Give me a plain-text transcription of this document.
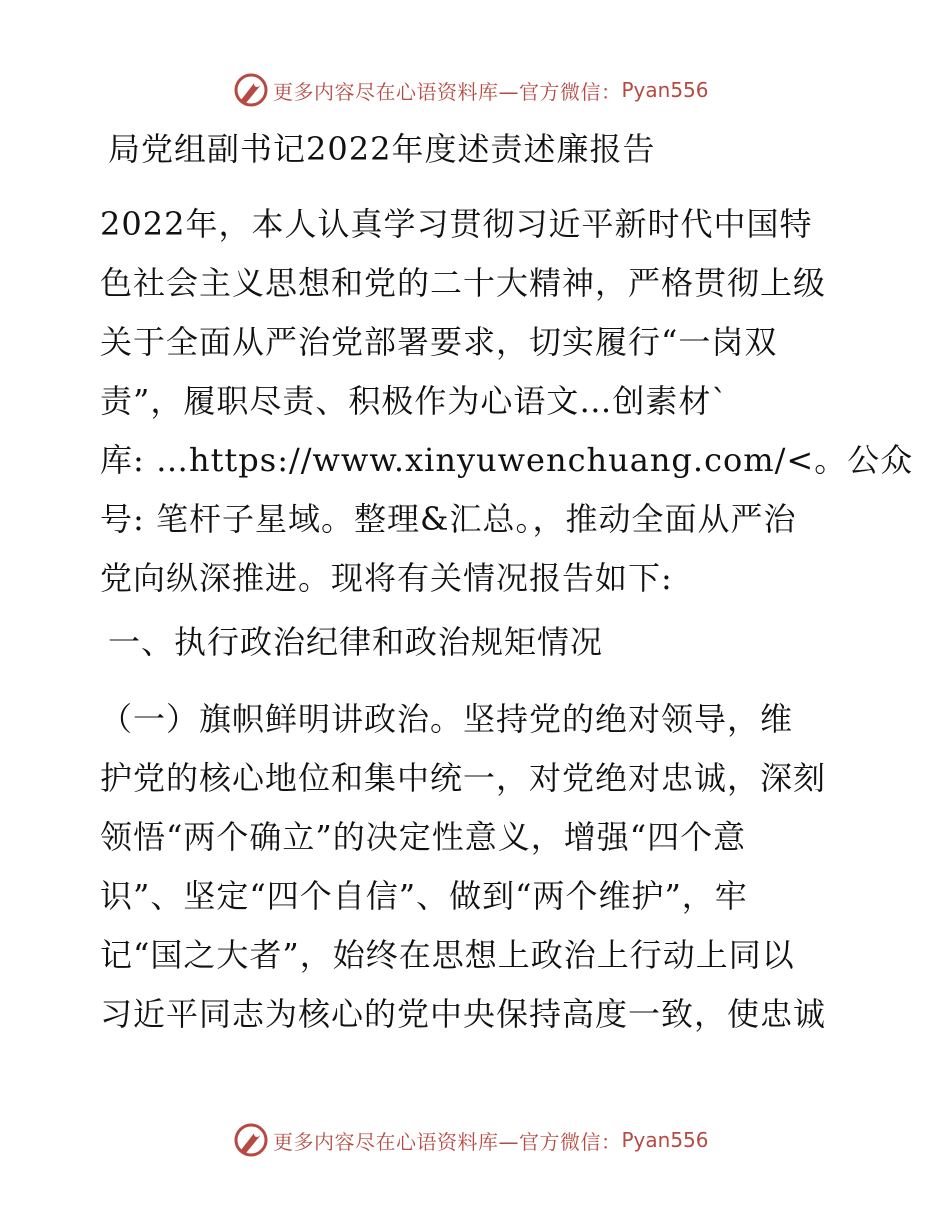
更多内容尽在心语资料库—官方微信： Pyan556
局党组副书记2022年度述责述廉报告
2022年，本人认真学习贯彻习近平新时代中国特
色社会主义思想和党的二十大精神，严格贯彻上级
关于全面从严治党部署要求，切实履行“一岗双
责”，履职尽责、积极作为心语文…创素材`
库: …https://www.xinyuwenchuang.com/<。公众
号: 笔杆子星域。整理&汇总。，推动全面从严治
党向纵深推进。现将有关情况报告如下:
一、执行政治纪律和政治规矩情况
（一）旗帜鲜明讲政治。坚持党的绝对领导，维
护党的核心地位和集中统一，对党绝对忠诚，深刻
领悟“两个确立”的决定性意义，增强“四个意
识”、坚定“四个自信”、做到“两个维护”，牢
记“国之大者”，始终在思想上政治上行动上同以
习近平同志为核心的党中央保持高度一致，使忠诚
更多内容尽在心语资料库—官方微信： Pyan556
